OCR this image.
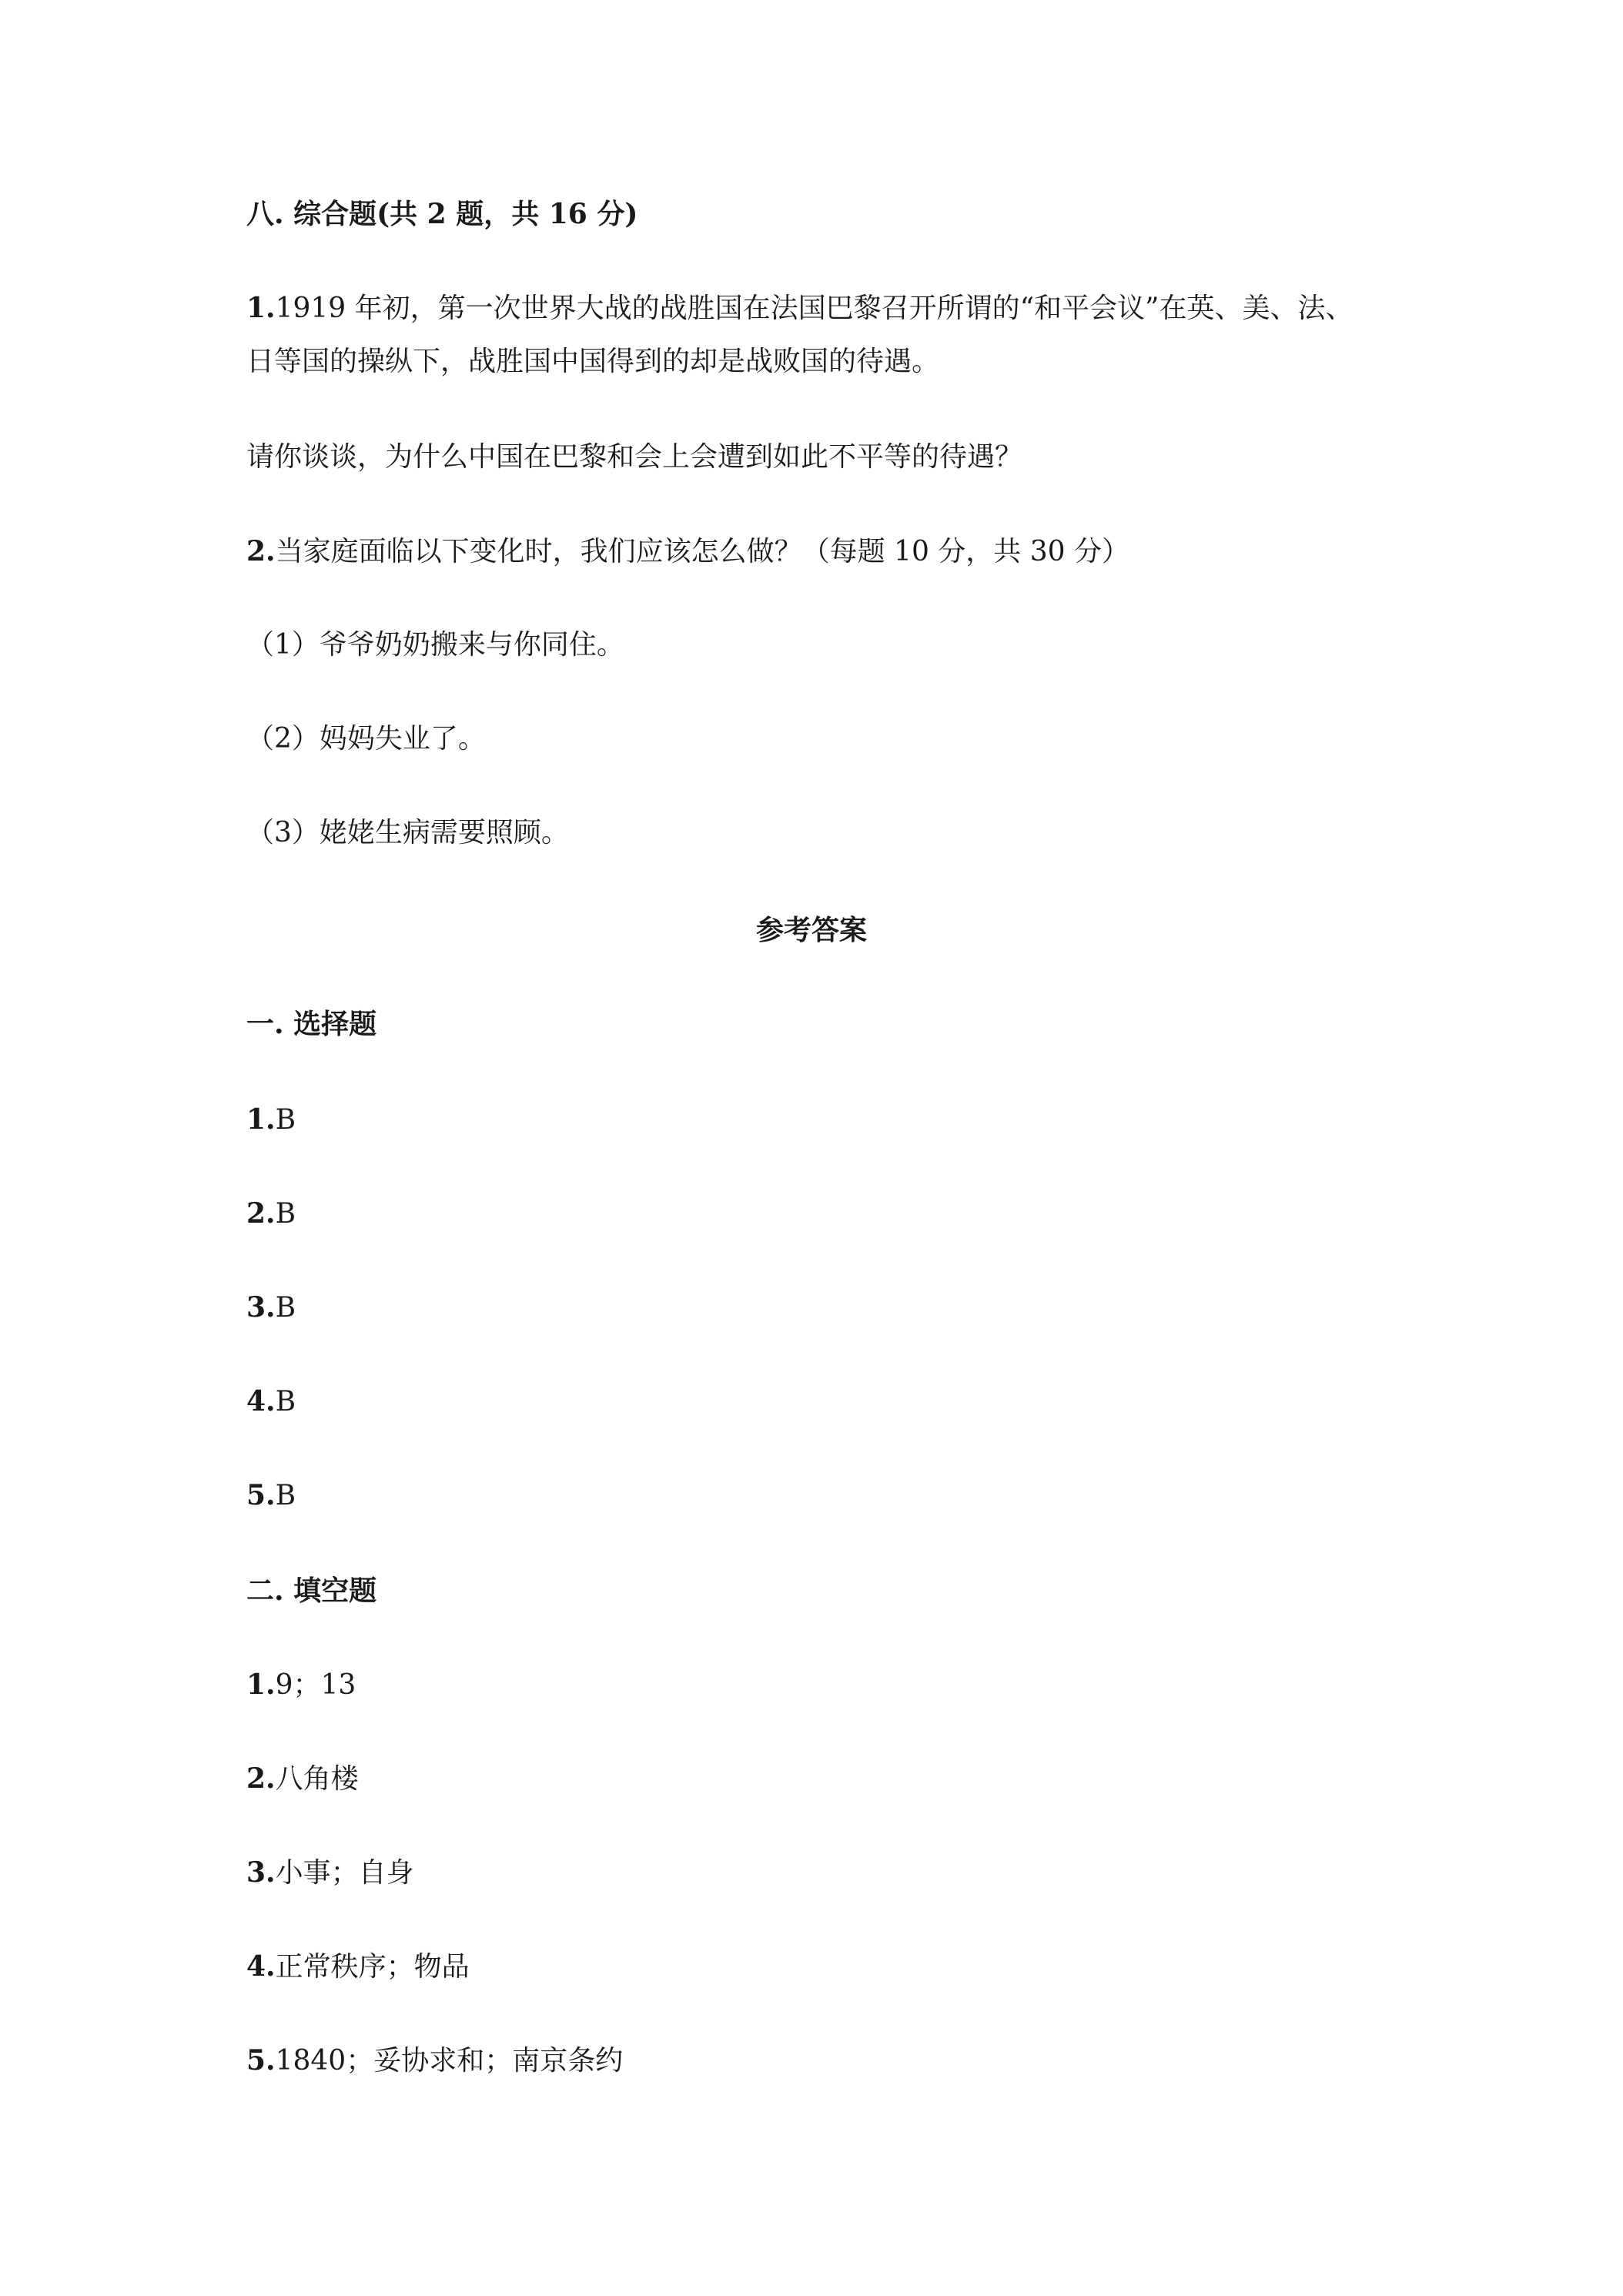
八. 综合题(共 2 题，共 16 分)
1.1919 年初，第一次世界大战的战胜国在法国巴黎召开所谓的“和平会议”在英、美、法、
日等国的操纵下，战胜国中国得到的却是战败国的待遇。
请你谈谈，为什么中国在巴黎和会上会遭到如此不平等的待遇？
2.当家庭面临以下变化时，我们应该怎么做？（每题 10 分，共 30 分）
（1）爷爷奶奶搬来与你同住。
（2）妈妈失业了。
（3）姥姥生病需要照顾。
参考答案
一. 选择题
1.B
2.B
3.B
4.B
5.B
二. 填空题
1.9；13
2.八角楼
3.小事；自身
4.正常秩序；物品
5.1840；妥协求和；南京条约
